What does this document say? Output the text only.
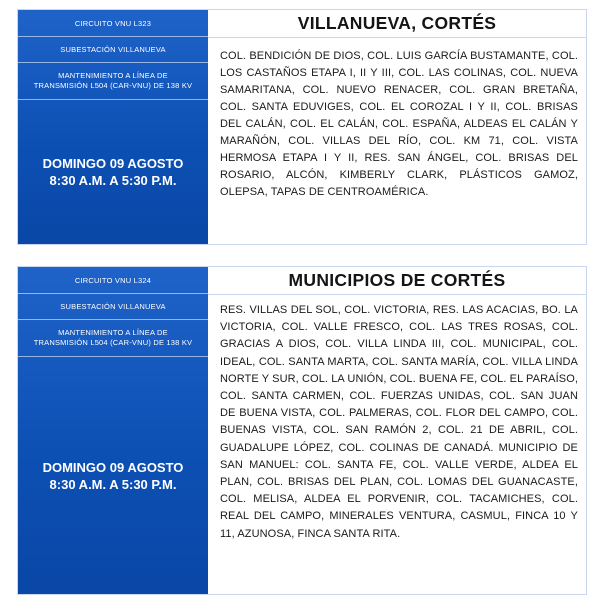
CIRCUITO VNU L323
SUBESTACIÓN VILLANUEVA
MANTENIMIENTO A LÍNEA DE
TRANSMISIÓN L504 (CAR-VNU) DE 138 KV
DOMINGO 09 AGOSTO
8:30 A.M. A 5:30 P.M.
VILLANUEVA, CORTÉS
COL. BENDICIÓN DE DIOS, COL. LUIS GARCÍA BUSTAMANTE, COL. LOS CASTAÑOS ETAPA I, II Y III, COL. LAS COLINAS, COL. NUEVA SAMARITANA, COL. NUEVO RENACER, COL. GRAN BRETAÑA, COL. SANTA EDUVIGES, COL. EL COROZAL I Y II, COL. BRISAS DEL CALÁN, COL. EL CALÁN, COL. ESPAÑA, ALDEAS EL CALÁN Y MARAÑÓN, COL. VILLAS DEL RÍO, COL. KM 71, COL. VISTA HERMOSA ETAPA I Y II, RES. SAN ÁNGEL, COL. BRISAS DEL ROSARIO, ALCÓN, KIMBERLY CLARK, PLÁSTICOS GAMOZ, OLEPSA, TAPAS DE CENTROAMÉRICA.
CIRCUITO VNU L324
SUBESTACIÓN VILLANUEVA
MANTENIMIENTO A LÍNEA DE
TRANSMISIÓN L504 (CAR-VNU) DE 138 KV
DOMINGO 09 AGOSTO
8:30 A.M. A 5:30 P.M.
MUNICIPIOS DE CORTÉS
RES. VILLAS DEL SOL, COL. VICTORIA, RES. LAS ACACIAS, BO. LA VICTORIA, COL. VALLE FRESCO, COL. LAS TRES ROSAS, COL. GRACIAS A DIOS, COL. VILLA LINDA III, COL. MUNICIPAL, COL. IDEAL, COL. SANTA MARTA, COL. SANTA MARÍA, COL. VILLA LINDA NORTE Y SUR, COL. LA UNIÓN, COL. BUENA FE, COL. EL PARAÍSO, COL. SANTA CARMEN, COL. FUERZAS UNIDAS, COL. SAN JUAN DE BUENA VISTA, COL. PALMERAS, COL. FLOR DEL CAMPO, COL. BUENAS VISTA, COL. SAN RAMÓN 2, COL. 21 DE ABRIL, COL. GUADALUPE LÓPEZ, COL. COLINAS DE CANADÁ. MUNICIPIO DE SAN MANUEL: COL. SANTA FE, COL. VALLE VERDE, ALDEA EL PLAN, COL. BRISAS DEL PLAN, COL. LOMAS DEL GUANACASTE, COL. MELISA, ALDEA EL PORVENIR, COL. TACAMICHES, COL. REAL DEL CAMPO, MINERALES VENTURA, CASMUL, FINCA 10 Y 11, AZUNOSA, FINCA SANTA RITA.
